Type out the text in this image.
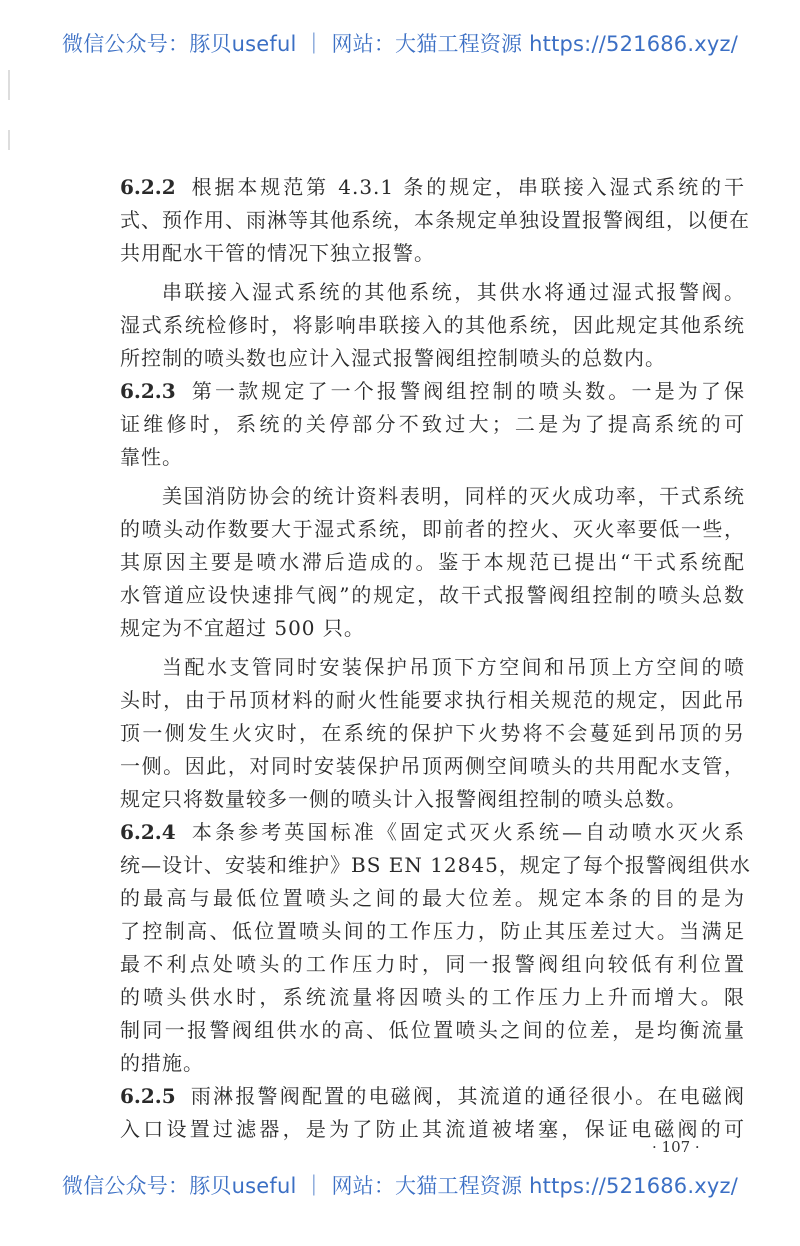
微信公众号：豚贝useful ｜ 网站：大猫工程资源 https://521686.xyz/
6.2.2 根据本规范第 4.3.1 条的规定，串联接入湿式系统的干
式、预作用、雨淋等其他系统，本条规定单独设置报警阀组，以便在
共用配水干管的情况下独立报警。
串联接入湿式系统的其他系统，其供水将通过湿式报警阀。
湿式系统检修时，将影响串联接入的其他系统，因此规定其他系统
所控制的喷头数也应计入湿式报警阀组控制喷头的总数内。
6.2.3 第一款规定了一个报警阀组控制的喷头数。一是为了保
证维修时，系统的关停部分不致过大；二是为了提高系统的可
靠性。
美国消防协会的统计资料表明，同样的灭火成功率，干式系统
的喷头动作数要大于湿式系统，即前者的控火、灭火率要低一些，
其原因主要是喷水滞后造成的。鉴于本规范已提出“干式系统配
水管道应设快速排气阀”的规定，故干式报警阀组控制的喷头总数
规定为不宜超过 500 只。
当配水支管同时安装保护吊顶下方空间和吊顶上方空间的喷
头时，由于吊顶材料的耐火性能要求执行相关规范的规定，因此吊
顶一侧发生火灾时，在系统的保护下火势将不会蔓延到吊顶的另
一侧。因此，对同时安装保护吊顶两侧空间喷头的共用配水支管，
规定只将数量较多一侧的喷头计入报警阀组控制的喷头总数。
6.2.4 本条参考英国标准《固定式灭火系统—自动喷水灭火系
统—设计、安装和维护》BS EN 12845，规定了每个报警阀组供水
的最高与最低位置喷头之间的最大位差。规定本条的目的是为
了控制高、低位置喷头间的工作压力，防止其压差过大。当满足
最不利点处喷头的工作压力时，同一报警阀组向较低有利位置
的喷头供水时，系统流量将因喷头的工作压力上升而增大。限
制同一报警阀组供水的高、低位置喷头之间的位差，是均衡流量
的措施。
6.2.5 雨淋报警阀配置的电磁阀，其流道的通径很小。在电磁阀
入口设置过滤器，是为了防止其流道被堵塞，保证电磁阀的可
· 107 ·
微信公众号：豚贝useful ｜ 网站：大猫工程资源 https://521686.xyz/
